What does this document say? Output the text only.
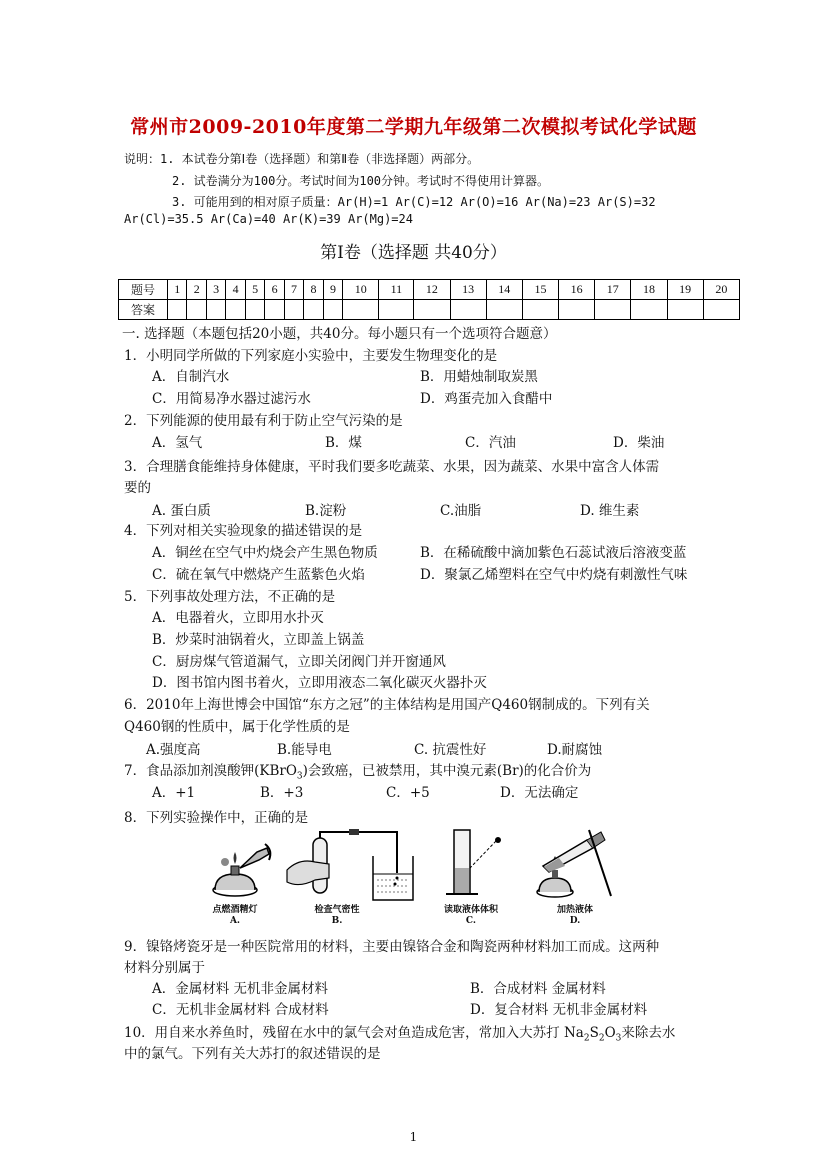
常州市2009-2010年度第二学期九年级第二次模拟考试化学试题
说明：1. 本试卷分第Ⅰ卷（选择题）和第Ⅱ卷（非选择题）两部分。
2. 试卷满分为100分。考试时间为100分钟。考试时不得使用计算器。
3. 可能用到的相对原子质量：Ar(H)=1 Ar(C)=12 Ar(O)=16 Ar(Na)=23 Ar(S)=32
Ar(Cl)=35.5 Ar(Ca)=40 Ar(K)=39 Ar(Mg)=24
第Ⅰ卷（选择题 共40分）
题号	1	2	3	4	5	6	7	8	9	10	11	12	13	14	15	16	17	18	19	20
答案																				
一. 选择题（本题包括20小题，共40分。每小题只有一个选项符合题意）
1．小明同学所做的下列家庭小实验中，主要发生物理变化的是
A．自制汽水	B．用蜡烛制取炭黑
C．用简易净水器过滤污水	D．鸡蛋壳加入食醋中
2．下列能源的使用最有利于防止空气污染的是
A．氢气	B．煤	C．汽油	D．柴油
3．合理膳食能维持身体健康，平时我们要多吃蔬菜、水果，因为蔬菜、水果中富含人体需
要的
A. 蛋白质	B.淀粉	C.油脂	D. 维生素
4．下列对相关实验现象的描述错误的是
A．铜丝在空气中灼烧会产生黑色物质	B．在稀硫酸中滴加紫色石蕊试液后溶液变蓝
C．硫在氧气中燃烧产生蓝紫色火焰	D．聚氯乙烯塑料在空气中灼烧有刺激性气味
5．下列事故处理方法，不正确的是
A．电器着火，立即用水扑灭
B．炒菜时油锅着火，立即盖上锅盖
C．厨房煤气管道漏气，立即关闭阀门并开窗通风
D．图书馆内图书着火，立即用液态二氧化碳灭火器扑灭
6．2010年上海世博会中国馆“东方之冠”的主体结构是用国产Q460钢制成的。下列有关
Q460钢的性质中，属于化学性质的是
A.强度高	B.能导电	C. 抗震性好	D.耐腐蚀
7．食品添加剂溴酸钾(KBrO$_3$)会致癌，已被禁用，其中溴元素(Br)的化合价为
A．+1	B．+3	C．+5	D．无法确定
8．下列实验操作中，正确的是
点燃酒精灯
A.
检查气密性
B.
读取液体体积
C.
加热液体
D.
9．镍铬烤瓷牙是一种医院常用的材料，主要由镍铬合金和陶瓷两种材料加工而成。这两种
材料分别属于
A．金属材料 无机非金属材料	B．合成材料 金属材料
C．无机非金属材料 合成材料	D．复合材料 无机非金属材料
10．用自来水养鱼时，残留在水中的氯气会对鱼造成危害，常加入大苏打 $Na_2S_2O_3$来除去水
中的氯气。下列有关大苏打的叙述错误的是
1
